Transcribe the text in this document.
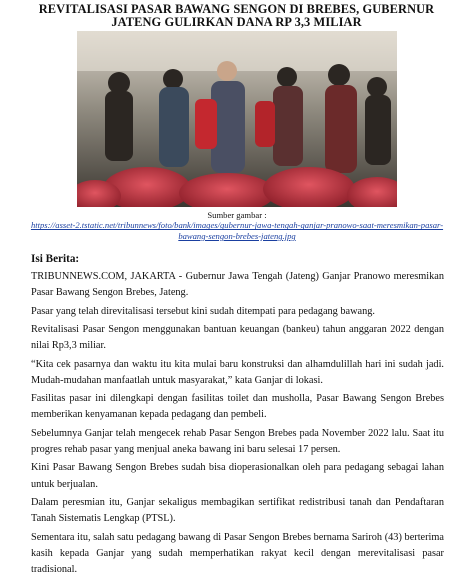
REVITALISASI PASAR BAWANG SENGON DI BREBES, GUBERNUR JATENG GULIRKAN DANA RP 3,3 MILIAR
Sumber gambar :
https://asset-2.tstatic.net/tribunnews/foto/bank/images/gubernur-jawa-tengah-ganjar-pranowo-saat-meresmikan-pasar-bawang-sengon-brebes-jateng.jpg
Isi Berita:

TRIBUNNEWS.COM, JAKARTA - Gubernur Jawa Tengah (Jateng) Ganjar Pranowo meresmikan Pasar Bawang Sengon Brebes, Jateng.

Pasar yang telah direvitalisasi tersebut kini sudah ditempati para pedagang bawang.

Revitalisasi Pasar Sengon menggunakan bantuan keuangan (bankeu) tahun anggaran 2022 dengan nilai Rp3,3 miliar.

“Kita cek pasarnya dan waktu itu kita mulai baru konstruksi dan alhamdulillah hari ini sudah jadi. Mudah-mudahan manfaatlah untuk masyarakat,” kata Ganjar di lokasi.

Fasilitas pasar ini dilengkapi dengan fasilitas toilet dan musholla, Pasar Bawang Sengon Brebes memberikan kenyamanan kepada pedagang dan pembeli.

Sebelumnya Ganjar telah mengecek rehab Pasar Sengon Brebes pada November 2022 lalu. Saat itu progres rehab pasar yang menjual aneka bawang ini baru selesai 17 persen.

Kini Pasar Bawang Sengon Brebes sudah bisa dioperasionalkan oleh para pedagang sebagai lahan untuk berjualan.

Dalam peresmian itu, Ganjar sekaligus membagikan sertifikat redistribusi tanah dan Pendaftaran Tanah Sistematis Lengkap (PTSL).

Sementara itu, salah satu pedagang bawang di Pasar Sengon Brebes bernama Sariroh (43) berterima kasih kepada Ganjar yang sudah memperhatikan rakyat kecil dengan merevitalisasi pasar tradisional.
